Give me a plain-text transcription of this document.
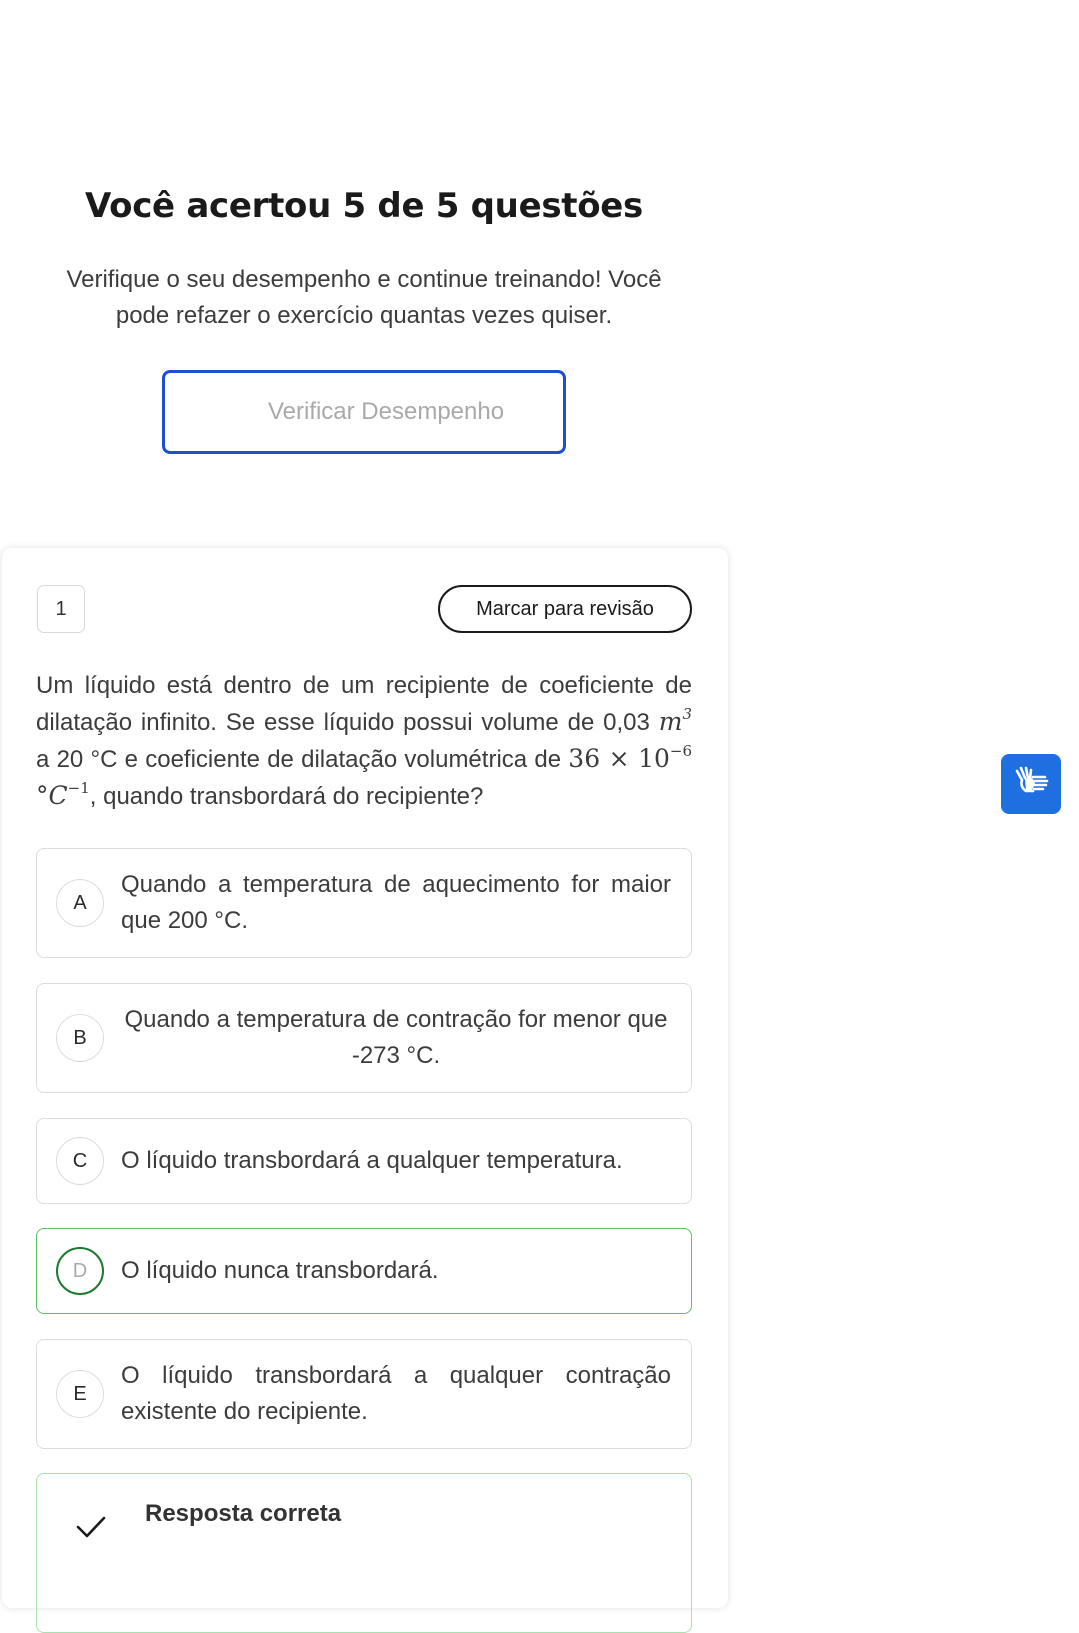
Você acertou 5 de 5 questões

Verifique o seu desempenho e continue treinando! Você pode refazer o exercício quantas vezes quiser.

Verificar Desempenho
1	Marcar para revisão

Um líquido está dentro de um recipiente de coeficiente de dilatação infinito. Se esse líquido possui volume de 0,03 $m^3$ a 20 °C e coeficiente de dilatação volumétrica de $36 \times 10^{-6}$ $^\circ C^{-1}$, quando transbordará do recipiente?

A
Quando a temperatura de aquecimento for maior que 200 °C.
B
Quando a temperatura de contração for menor que -273 °C.
C	O líquido transbordará a qualquer temperatura.
D	O líquido nunca transbordará.
E
O líquido transbordará a qualquer contração existente do recipiente.
Resposta correta
